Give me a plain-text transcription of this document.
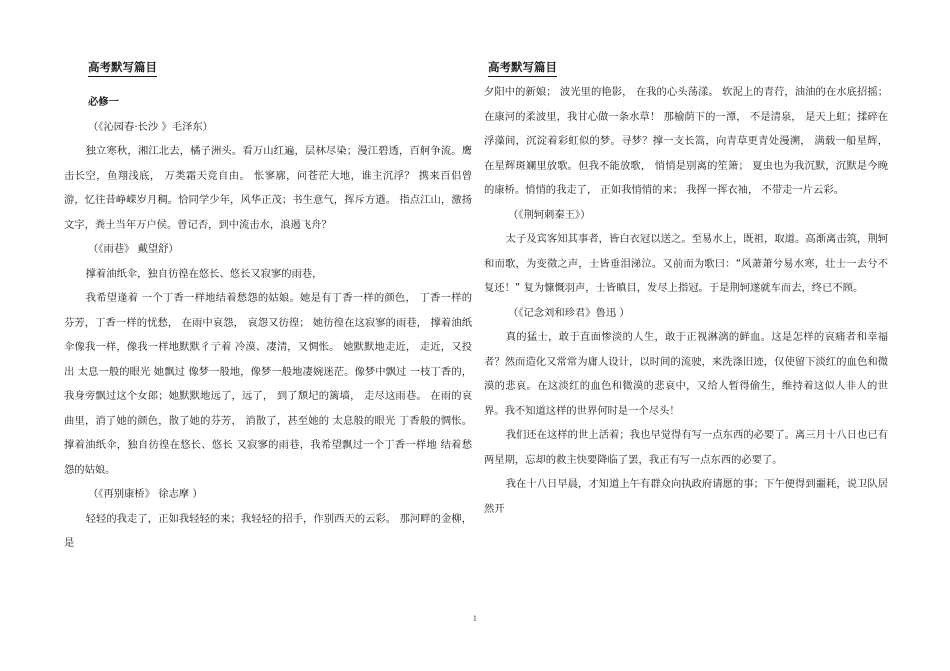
高考默写篇目

必修一

（《沁园春·长沙 》毛泽东）

独立寒秋，湘江北去，橘子洲头。看万山红遍，层林尽染；漫江碧透，百舸争流。鹰击长空，鱼翔浅底， 万类霜天竞自由。 怅寥廓，问苍茫大地，谁主沉浮？ 携来百侣曾游，忆往昔峥嵘岁月稠。恰同学少年，风华正茂；书生意气，挥斥方遒。 指点江山，激扬文字，粪土当年万户侯。曾记否，到中流击水，浪遏飞舟？

（《雨巷》 戴望舒）

撑着油纸伞，独自彷徨在悠长、悠长又寂寥的雨巷，

我希望逢着 一个丁香一样地结着愁怨的姑娘。她是有丁香一样的颜色， 丁香一样的芬芳，丁香一样的忧愁， 在雨中哀怨， 哀怨又彷徨； 她彷徨在这寂寥的雨巷， 撑着油纸伞像我一样，像我一样地默默彳亍着 冷漠、凄清，又惆怅。 她默默地走近， 走近，又投出 太息一般的眼光 她飘过 像梦一般地，像梦一般地凄婉迷茫。像梦中飘过 一枝丁香的， 我身旁飘过这个女郎；她默默地远了，远了， 到了颓圮的篱墙， 走尽这雨巷。 在雨的哀曲里，消了她的颜色，散了她的芬芳， 消散了，甚至她的 太息般的眼光 丁香般的惆怅。 撑着油纸伞，独自彷徨在悠长、悠长 又寂寥的雨巷，我希望飘过一个丁香一样地 结着愁怨的姑娘。

（《再别康桥》 徐志摩 ）

轻轻的我走了，正如我轻轻的来；我轻轻的招手，作别西天的云彩。 那河畔的金柳， 是

高考默写篇目

夕阳中的新娘； 波光里的艳影， 在我的心头荡漾。 软泥上的青荇，油油的在水底招摇；在康河的柔波里，我甘心做一条水草！ 那榆荫下的一潭， 不是清泉， 是天上虹；揉碎在浮藻间，沉淀着彩虹似的梦。寻梦？撑一支长篙，向青草更青处漫溯， 满载一船星辉， 在星辉斑斓里放歌。但我不能放歌， 悄悄是别离的笙箫； 夏虫也为我沉默，沉默是今晚的康桥。悄悄的我走了， 正如我悄悄的来； 我挥一挥衣袖， 不带走一片云彩。

（《荆轲刺秦王》）

太子及宾客知其事者，皆白衣冠以送之。至易水上，既祖，取道。高渐离击筑，荆轲和而歌，为变徵之声，士皆垂泪涕泣。又前而为歌曰：“风萧萧兮易水寒，壮士一去兮不复还！” 复为慷慨羽声，士皆瞋目，发尽上指冠。于是荆轲遂就车而去，终已不顾。

（《记念刘和珍君》鲁迅 ）

真的猛士，敢于直面惨淡的人生，敢于正视淋漓的鲜血。这是怎样的哀痛者和幸福者？然而造化又常常为庸人设计，以时间的流驶，来洗涤旧迹，仅使留下淡红的血色和微漠的悲哀。在这淡红的血色和微漠的悲哀中，又给人暂得偷生，维持着这似人非人的世界。我不知道这样的世界何时是一个尽头！

我们还在这样的世上活着；我也早觉得有写一点东西的必要了。离三月十八日也已有两星期，忘却的救主快要降临了罢，我正有写一点东西的必要了。

我在十八日早晨，才知道上午有群众向执政府请愿的事；下午便得到噩耗，说卫队居然开

1
